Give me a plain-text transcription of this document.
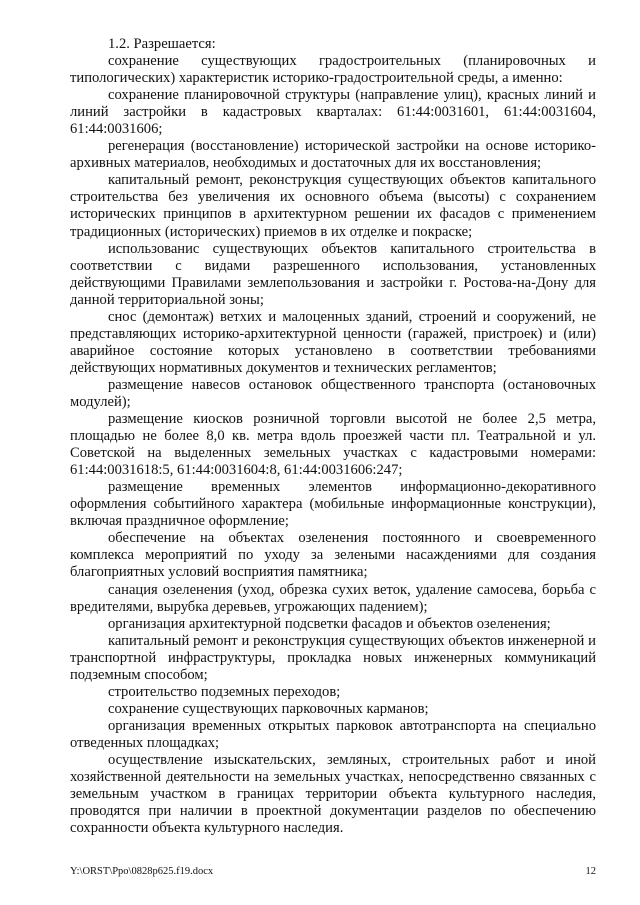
1.2. Разрешается:

сохранение существующих градостроительных (планировочных и типологических) характеристик историко-градостроительной среды, а именно:

сохранение планировочной структуры (направление улиц), красных линий и линий застройки в кадастровых кварталах: 61:44:0031601, 61:44:0031604, 61:44:0031606;

регенерация (восстановление) исторической застройки на основе историко-архивных материалов, необходимых и достаточных для их восстановления;

капитальный ремонт, реконструкция существующих объектов капитального строительства без увеличения их основного объема (высоты) с сохранением исторических принципов в архитектурном решении их фасадов с применением традиционных (исторических) приемов в их отделке и покраске;

использованиc существующих объектов капитального строительства в соответствии с видами разрешенного использования, установленных действующими Правилами землепользования и застройки г. Ростова-на-Дону для данной территориальной зоны;

снос (демонтаж) ветхих и малоценных зданий, строений и сооружений, не представляющих историко-архитектурной ценности (гаражей, пристроек) и (или) аварийное состояние которых установлено в соответствии требованиями действующих нормативных документов и технических регламентов;

размещение навесов остановок общественного транспорта (остановочных модулей);

размещение киосков розничной торговли высотой не более 2,5 метра, площадью не более 8,0 кв. метра вдоль проезжей части пл. Театральной и ул. Советской на выделенных земельных участках с кадастровыми номерами: 61:44:0031618:5, 61:44:0031604:8, 61:44:0031606:247;

размещение временных элементов информационно-декоративного оформления событийного характера (мобильные информационные конструкции), включая праздничное оформление;

обеспечение на объектах озеленения постоянного и своевременного комплекса мероприятий по уходу за зелеными насаждениями для создания благоприятных условий восприятия памятника;

санация озеленения (уход, обрезка сухих веток, удаление самосева, борьба с вредителями, вырубка деревьев, угрожающих падением);

организация архитектурной подсветки фасадов и объектов озеленения;

капитальный ремонт и реконструкция существующих объектов инженерной и транспортной инфраструктуры, прокладка новых инженерных коммуникаций подземным способом;

строительство подземных переходов;

сохранение существующих парковочных карманов;

организация временных открытых парковок автотранспорта на специально отведенных площадках;

осуществление изыскательских, земляных, строительных работ и иной хозяйственной деятельности на земельных участках, непосредственно связанных с земельным участком в границах территории объекта культурного наследия, проводятся при наличии в проектной документации разделов по обеспечению сохранности объекта культурного наследия.

Y:\ORST\Ppo\0828p625.f19.docx	12
